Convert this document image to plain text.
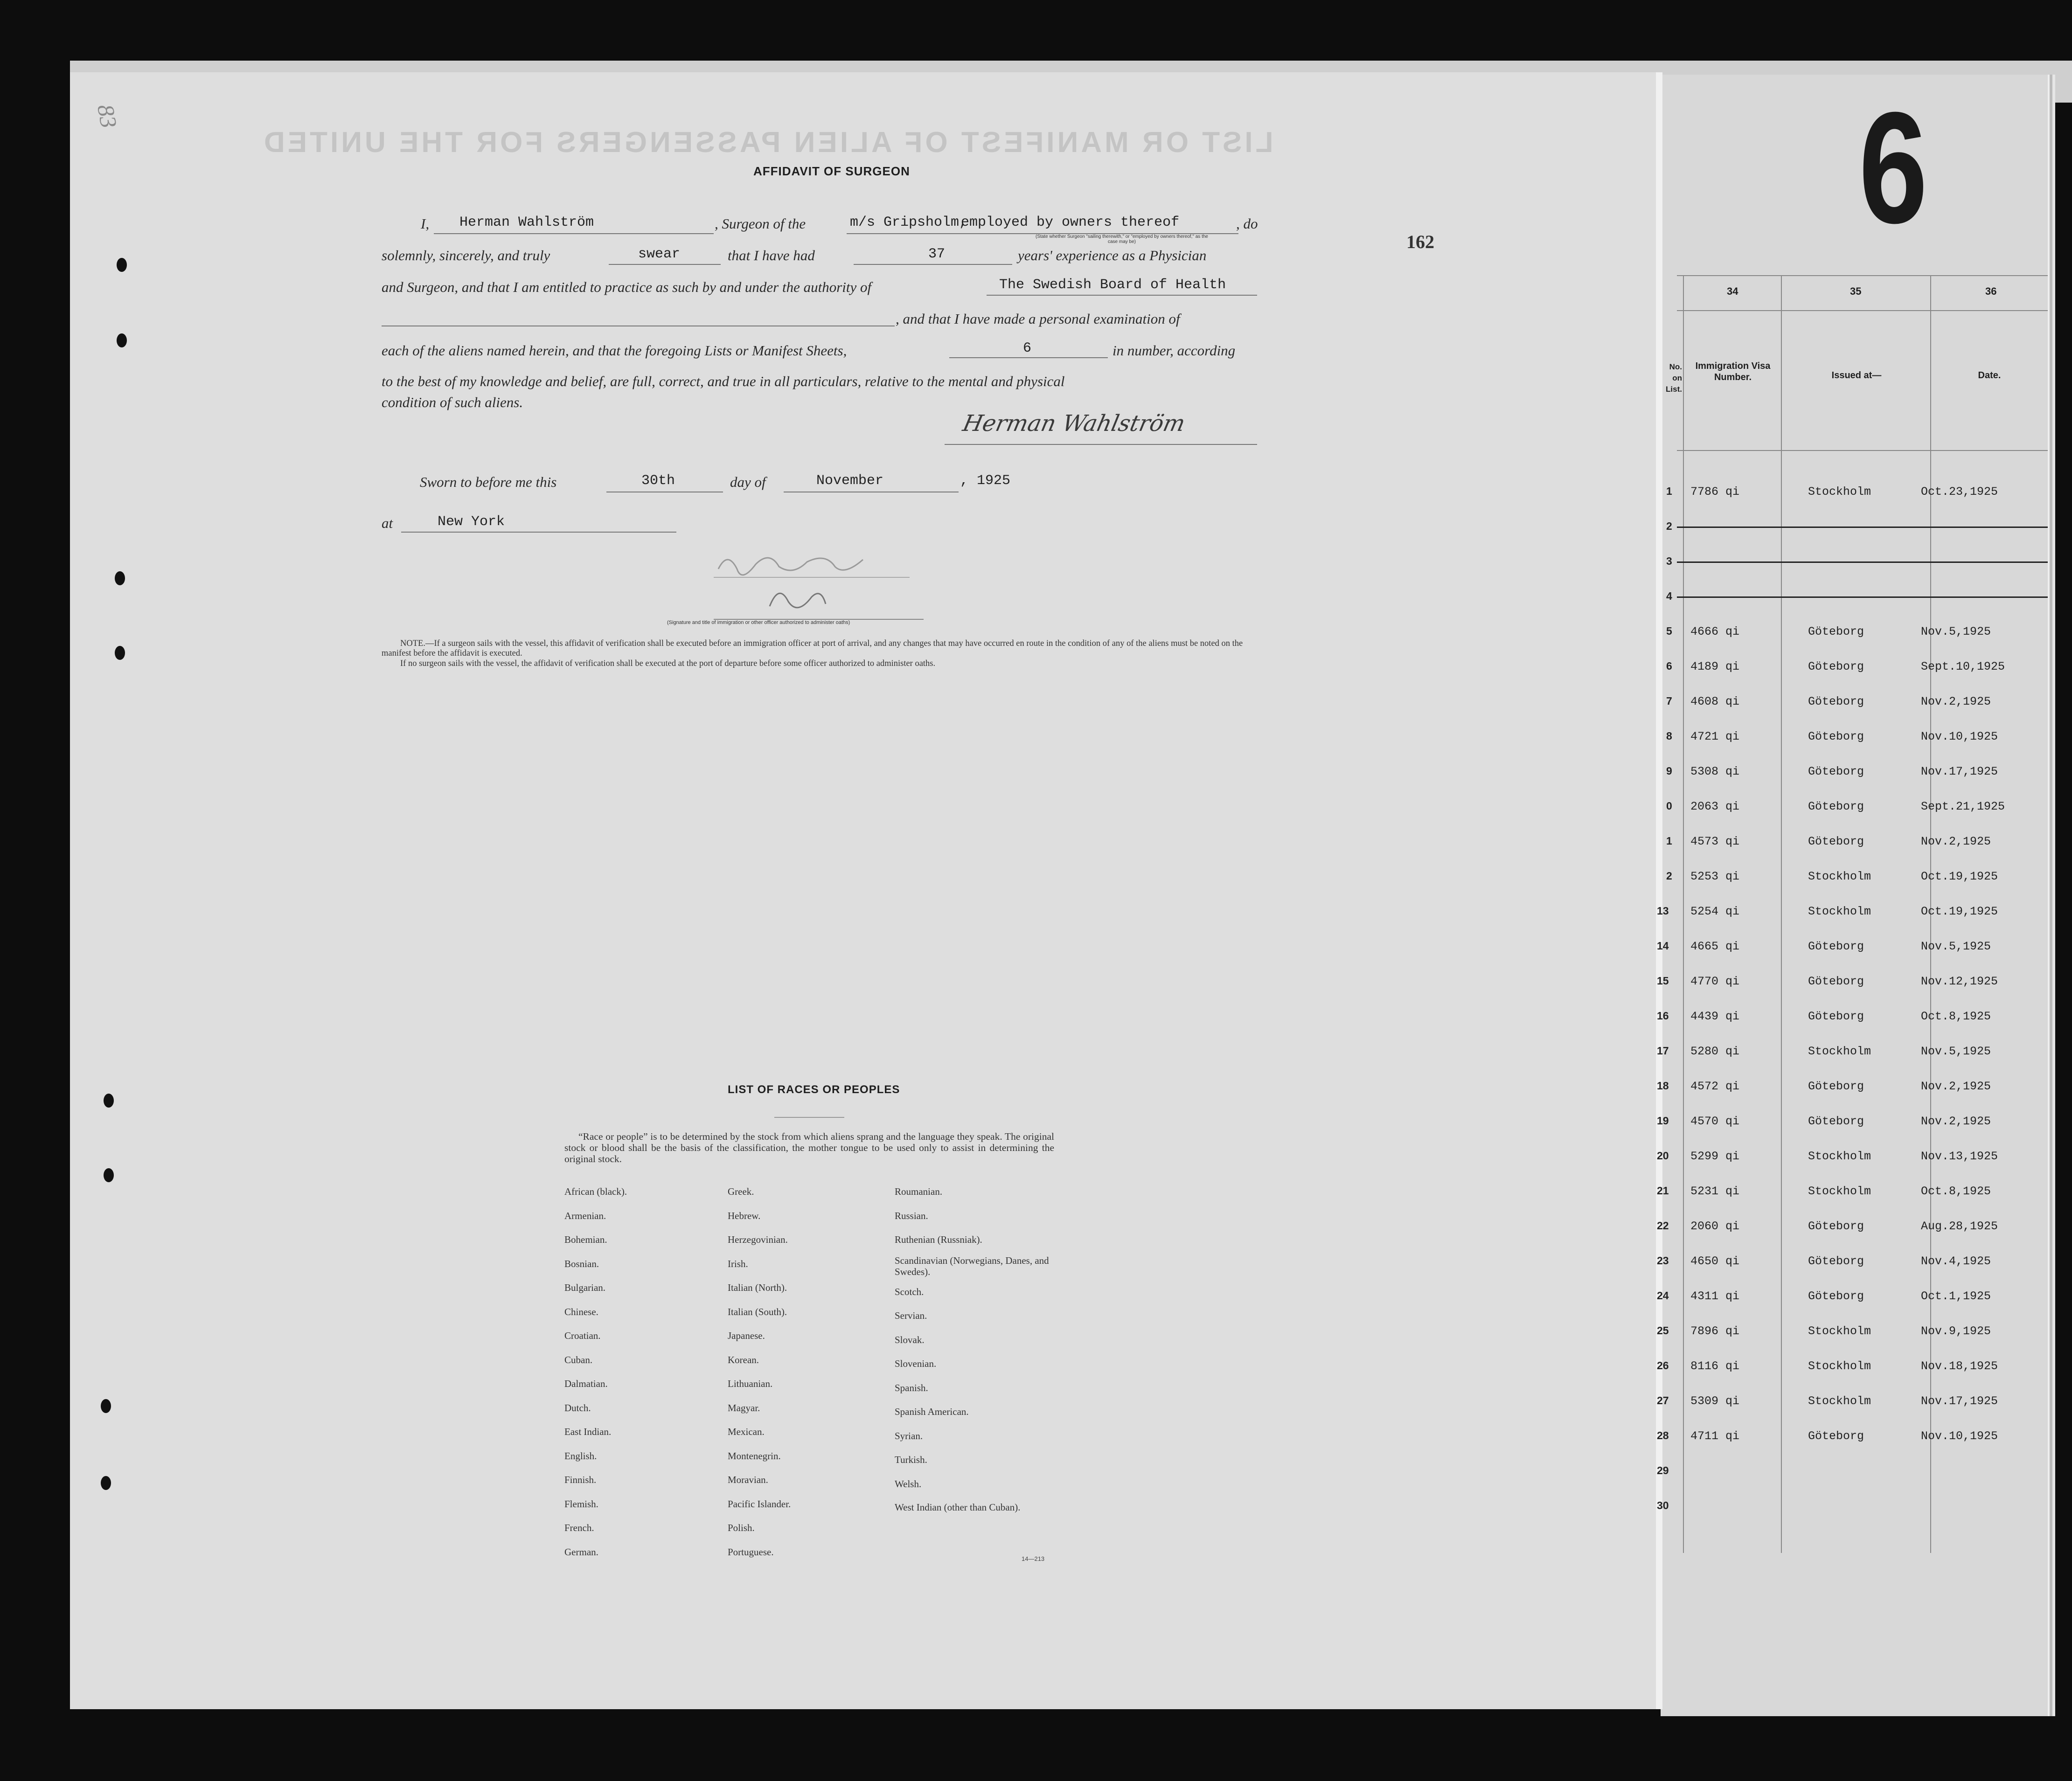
LIST OR MANIFEST OF ALIEN PASSENGERS FOR THE UNITED
83
162	6
AFFIDAVIT OF SURGEON
I, Herman Wahlström	, Surgeon of the	m/s Gripsholm,
employed by owners thereof	, do
(State whether Surgeon "sailing therewith," or "employed by owners thereof," as the case may be)
solemnly, sincerely, and truly	swear	that I have had	37	years' experience as a Physician
and Surgeon, and that I am entitled to practice as such by and under the authority of	The Swedish Board of Health
, and that I have made a personal examination of
each of the aliens named herein, and that the foregoing Lists or Manifest Sheets,	6	in number, according
to the best of my knowledge and belief, are full, correct, and true in all particulars, relative to the mental and physical
condition of such aliens.
Herman Wahlström
Sworn to before me this	30th	day of	November	, 1925
at	New York
(Signature and title of immigration or other officer authorized to administer oaths)
NOTE.—If a surgeon sails with the vessel, this affidavit of verification shall be executed before an immigration officer at port of arrival, and any changes that may have occurred en route in the condition of any of the aliens must be noted on the manifest before the affidavit is executed.
If no surgeon sails with the vessel, the affidavit of verification shall be executed at the port of departure before some officer authorized to administer oaths.
LIST OF RACES OR PEOPLES
“Race or people” is to be determined by the stock from which aliens sprang and the language they speak. The original stock or blood shall be the basis of the classification, the mother tongue to be used only to assist in determining the original stock.
African (black).
Armenian.
Bohemian.
Bosnian.
Bulgarian.
Chinese.
Croatian.
Cuban.
Dalmatian.
Dutch.
East Indian.
English.
Finnish.
Flemish.
French.
German.
Greek.
Hebrew.
Herzegovinian.
Irish.
Italian (North).
Italian (South).
Japanese.
Korean.
Lithuanian.
Magyar.
Mexican.
Montenegrin.
Moravian.
Pacific Islander.
Polish.
Portuguese.
Roumanian.
Russian.
Ruthenian (Russniak).
Scandinavian (Norwegians, Danes, and Swedes).
Scotch.
Servian.
Slovak.
Slovenian.
Spanish.
Spanish American.
Syrian.
Turkish.
Welsh.
West Indian (other than Cuban).
14—213
34	35	36
No. on List.
Immigration Visa Number.	Issued at—	Date.
1 7786 qi	Stockholm	Oct.23,1925
2
3
4
5 4666 qi	Göteborg	Nov.5,1925
6 4189 qi	Göteborg	Sept.10,1925
7 4608 qi	Göteborg	Nov.2,1925
8 4721 qi	Göteborg	Nov.10,1925
9 5308 qi	Göteborg	Nov.17,1925
0 2063 qi	Göteborg	Sept.21,1925
1 4573 qi	Göteborg	Nov.2,1925
2 5253 qi	Stockholm	Oct.19,1925
13 5254 qi	Stockholm	Oct.19,1925
14 4665 qi	Göteborg	Nov.5,1925
15 4770 qi	Göteborg	Nov.12,1925
16 4439 qi	Göteborg	Oct.8,1925
17 5280 qi	Stockholm	Nov.5,1925
18 4572 qi	Göteborg	Nov.2,1925
19 4570 qi	Göteborg	Nov.2,1925
20 5299 qi	Stockholm	Nov.13,1925
21 5231 qi	Stockholm	Oct.8,1925
22 2060 qi	Göteborg	Aug.28,1925
23 4650 qi	Göteborg	Nov.4,1925
24 4311 qi	Göteborg	Oct.1,1925
25 7896 qi	Stockholm	Nov.9,1925
26 8116 qi	Stockholm	Nov.18,1925
27 5309 qi	Stockholm	Nov.17,1925
28 4711 qi	Göteborg	Nov.10,1925
29
30
